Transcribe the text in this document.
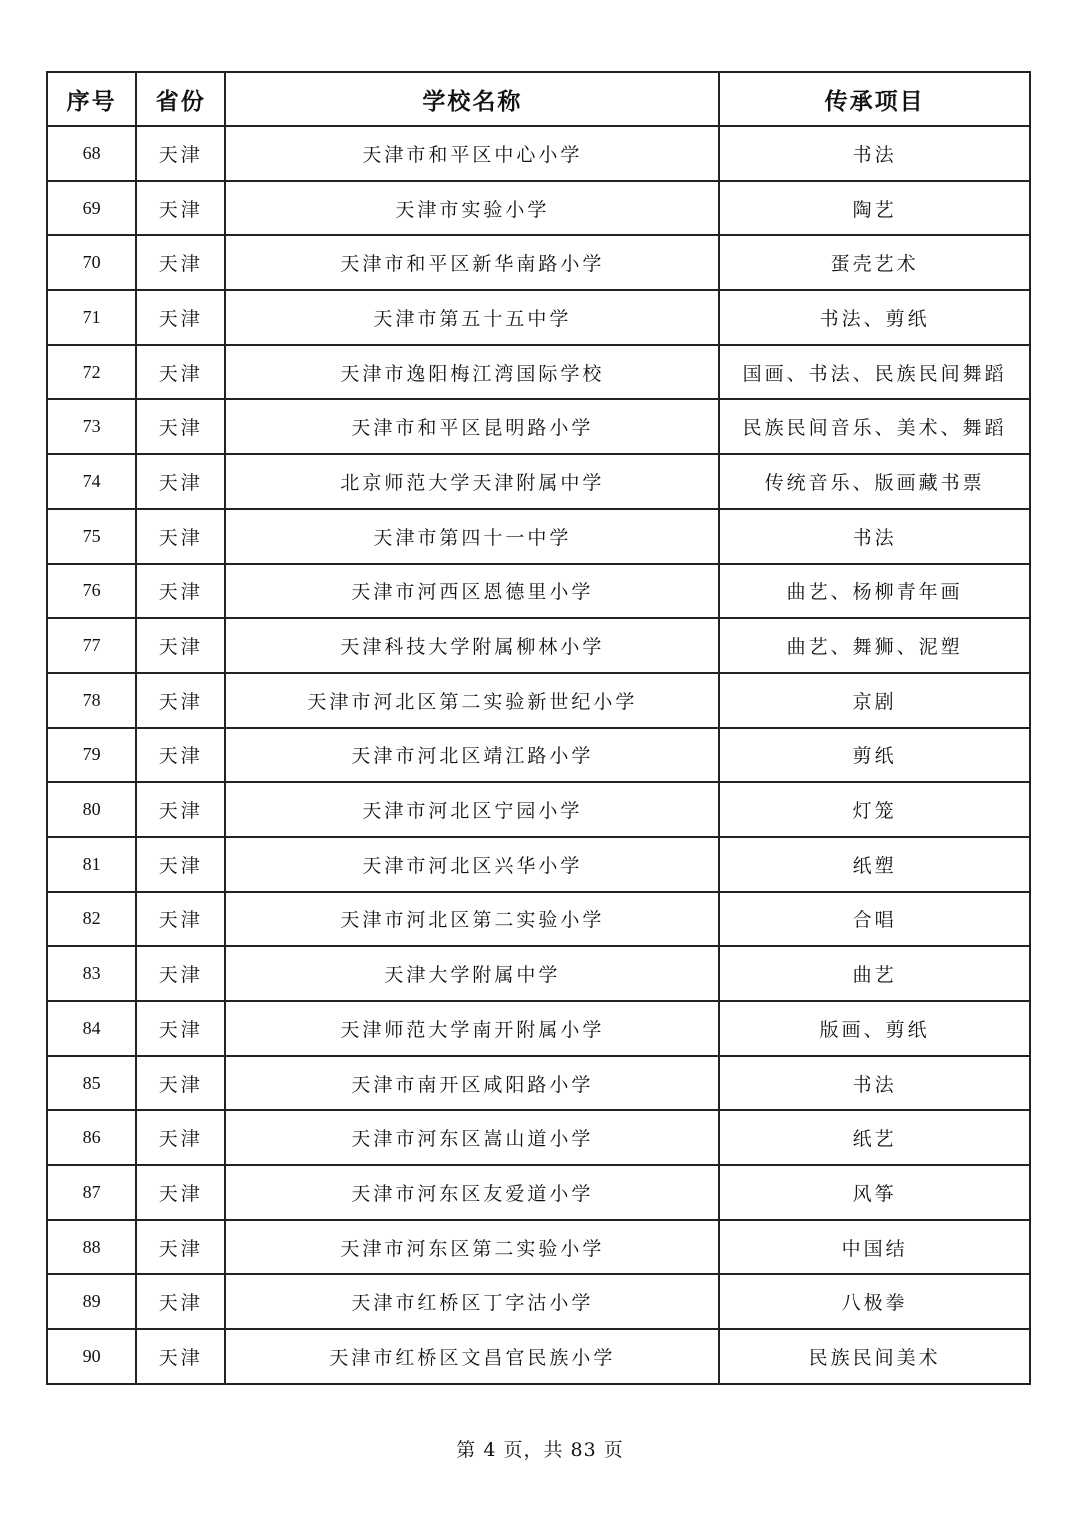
序号	省份	学校名称	传承项目
68	天津	天津市和平区中心小学	书法
69	天津	天津市实验小学	陶艺
70	天津	天津市和平区新华南路小学	蛋壳艺术
71	天津	天津市第五十五中学	书法、剪纸
72	天津	天津市逸阳梅江湾国际学校	国画、书法、民族民间舞蹈
73	天津	天津市和平区昆明路小学	民族民间音乐、美术、舞蹈
74	天津	北京师范大学天津附属中学	传统音乐、版画藏书票
75	天津	天津市第四十一中学	书法
76	天津	天津市河西区恩德里小学	曲艺、杨柳青年画
77	天津	天津科技大学附属柳林小学	曲艺、舞狮、泥塑
78	天津	天津市河北区第二实验新世纪小学	京剧
79	天津	天津市河北区靖江路小学	剪纸
80	天津	天津市河北区宁园小学	灯笼
81	天津	天津市河北区兴华小学	纸塑
82	天津	天津市河北区第二实验小学	合唱
83	天津	天津大学附属中学	曲艺
84	天津	天津师范大学南开附属小学	版画、剪纸
85	天津	天津市南开区咸阳路小学	书法
86	天津	天津市河东区嵩山道小学	纸艺
87	天津	天津市河东区友爱道小学	风筝
88	天津	天津市河东区第二实验小学	中国结
89	天津	天津市红桥区丁字沽小学	八极拳
90	天津	天津市红桥区文昌官民族小学	民族民间美术
第 4 页，共 83 页
